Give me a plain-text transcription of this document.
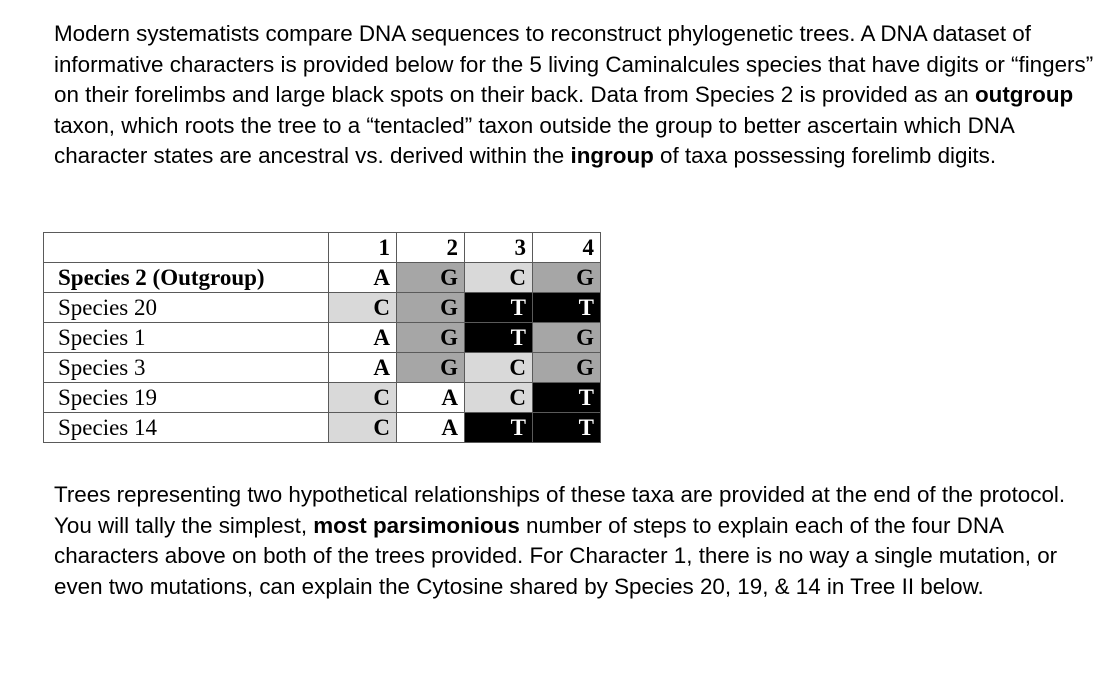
Modern systematists compare DNA sequences to reconstruct phylogenetic trees. A DNA dataset of informative characters is provided below for the 5 living Caminalcules species that have digits or “fingers” on their forelimbs and large black spots on their back. Data from Species 2 is provided as an outgroup taxon, which roots the tree to a “tentacled” taxon outside the group to better ascertain which DNA character states are ancestral vs. derived within the ingroup of taxa possessing forelimb digits.

	1	2	3	4
Species 2 (Outgroup)	A	G	C	G
Species 20	C	G	T	T
Species 1	A	G	T	G
Species 3	A	G	C	G
Species 19	C	A	C	T
Species 14	C	A	T	T

Trees representing two hypothetical relationships of these taxa are provided at the end of the protocol. You will tally the simplest, most parsimonious number of steps to explain each of the four DNA characters above on both of the trees provided. For Character 1, there is no way a single mutation, or even two mutations, can explain the Cytosine shared by Species 20, 19, & 14 in Tree II below.
